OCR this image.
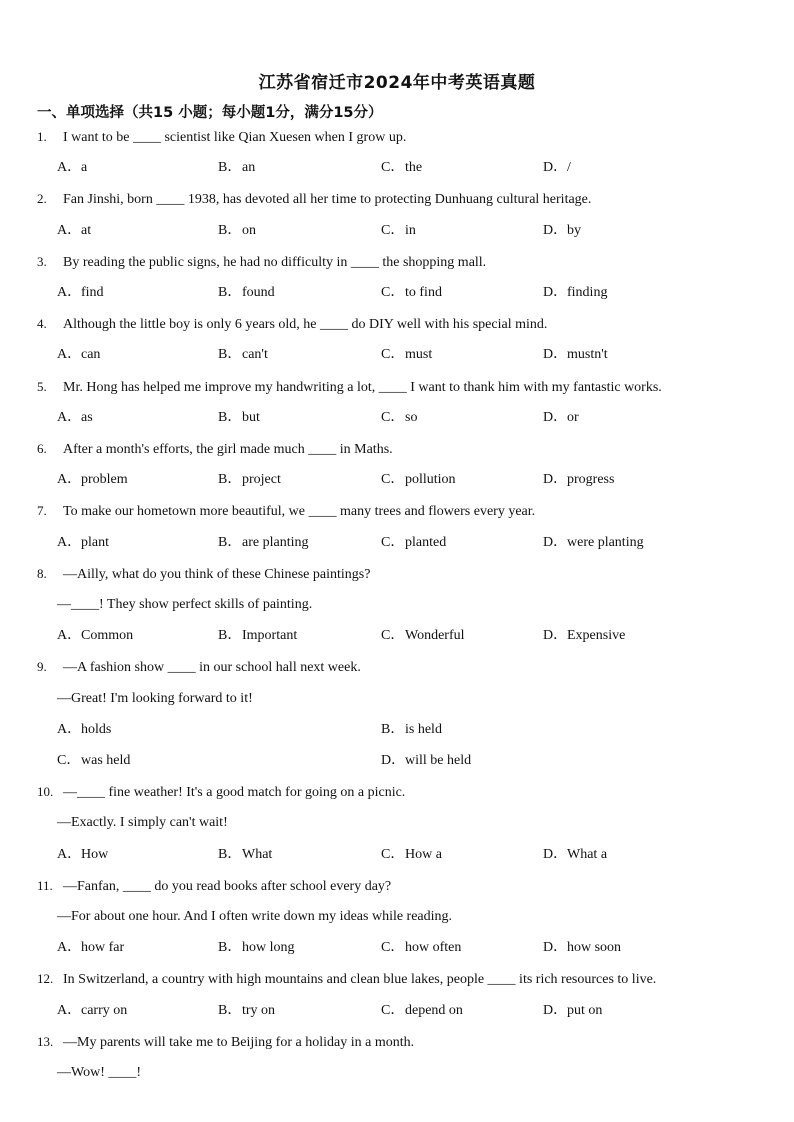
江苏省宿迁市2024年中考英语真题
一、单项选择（共15 小题；每小题1分，满分15分）
1. I want to be ____ scientist like Qian Xuesen when I grow up.
A．a	B．an	C．the	D．/
2. Fan Jinshi, born ____ 1938, has devoted all her time to protecting Dunhuang cultural heritage.
A．at	B．on	C．in	D．by
3. By reading the public signs, he had no difficulty in ____ the shopping mall.
A．find	B．found	C．to find	D．finding
4. Although the little boy is only 6 years old, he ____ do DIY well with his special mind.
A．can	B．can't	C．must	D．mustn't
5. Mr. Hong has helped me improve my handwriting a lot, ____ I want to thank him with my fantastic works.
A．as	B．but	C．so	D．or
6. After a month's efforts, the girl made much ____ in Maths.
A．problem	B．project	C．pollution	D．progress
7. To make our hometown more beautiful, we ____ many trees and flowers every year.
A．plant	B．are planting	C．planted	D．were planting
8. —Ailly, what do you think of these Chinese paintings?
—____! They show perfect skills of painting.
A．Common	B．Important	C．Wonderful	D．Expensive
9. —A fashion show ____ in our school hall next week.
—Great! I'm looking forward to it!
A．holds	B．is held
C．was held	D．will be held
10. —____ fine weather! It's a good match for going on a picnic.
—Exactly. I simply can't wait!
A．How	B．What	C．How a	D．What a
11. —Fanfan, ____ do you read books after school every day?
—For about one hour. And I often write down my ideas while reading.
A．how far	B．how long	C．how often	D．how soon
12. In Switzerland, a country with high mountains and clean blue lakes, people ____ its rich resources to live.
A．carry on	B．try on	C．depend on	D．put on
13. —My parents will take me to Beijing for a holiday in a month.
—Wow! ____!
